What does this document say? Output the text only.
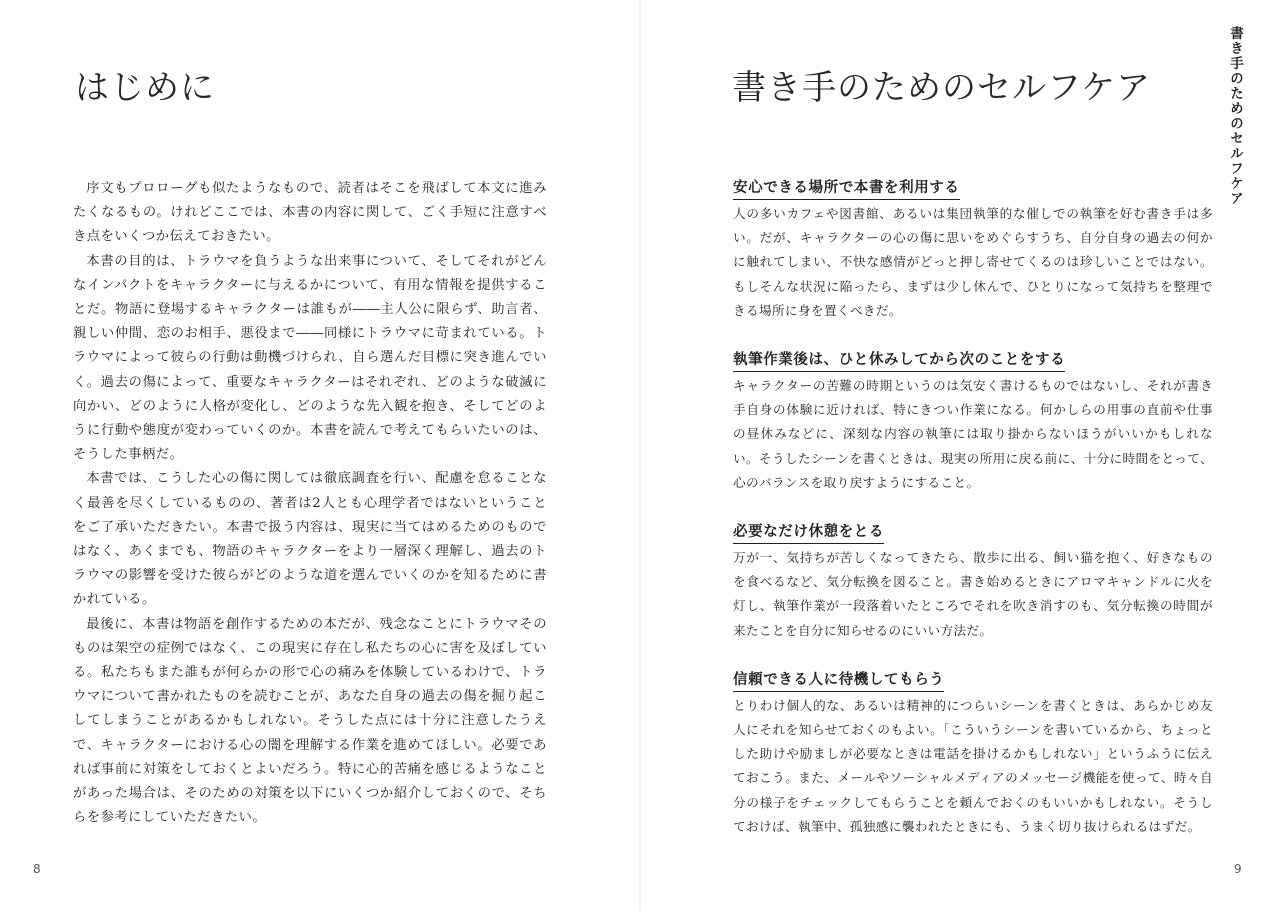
はじめに

序文もプロローグも似たようなもので、読者はそこを飛ばして本文に進みたくなるもの。けれどここでは、本書の内容に関して、ごく手短に注意すべき点をいくつか伝えておきたい。

本書の目的は、トラウマを負うような出来事について、そしてそれがどんなインパクトをキャラクターに与えるかについて、有用な情報を提供することだ。物語に登場するキャラクターは誰もが――主人公に限らず、助言者、親しい仲間、恋のお相手、悪役まで――同様にトラウマに苛まれている。トラウマによって彼らの行動は動機づけられ、自ら選んだ目標に突き進んでいく。過去の傷によって、重要なキャラクターはそれぞれ、どのような破滅に向かい、どのように人格が変化し、どのような先入観を抱き、そしてどのように行動や態度が変わっていくのか。本書を読んで考えてもらいたいのは、そうした事柄だ。

本書では、こうした心の傷に関しては徹底調査を行い、配慮を怠ることなく最善を尽くしているものの、著者は2人とも心理学者ではないということをご了承いただきたい。本書で扱う内容は、現実に当てはめるためのものではなく、あくまでも、物語のキャラクターをより一層深く理解し、過去のトラウマの影響を受けた彼らがどのような道を選んでいくのかを知るために書かれている。

最後に、本書は物語を創作するための本だが、残念なことにトラウマそのものは架空の症例ではなく、この現実に存在し私たちの心に害を及ぼしている。私たちもまた誰もが何らかの形で心の痛みを体験しているわけで、トラウマについて書かれたものを読むことが、あなた自身の過去の傷を掘り起こしてしまうことがあるかもしれない。そうした点には十分に注意したうえで、キャラクターにおける心の闇を理解する作業を進めてほしい。必要であれば事前に対策をしておくとよいだろう。特に心的苦痛を感じるようなことがあった場合は、そのための対策を以下にいくつか紹介しておくので、そちらを参考にしていただきたい。

8
書き手のためのセルフケア
書き手のためのセルフケア
安心できる場所で本書を利用する

人の多いカフェや図書館、あるいは集団執筆的な催しでの執筆を好む書き手は多い。だが、キャラクターの心の傷に思いをめぐらすうち、自分自身の過去の何かに触れてしまい、不快な感情がどっと押し寄せてくるのは珍しいことではない。もしそんな状況に陥ったら、まずは少し休んで、ひとりになって気持ちを整理できる場所に身を置くべきだ。

執筆作業後は、ひと休みしてから次のことをする

キャラクターの苦難の時期というのは気安く書けるものではないし、それが書き手自身の体験に近ければ、特にきつい作業になる。何かしらの用事の直前や仕事の昼休みなどに、深刻な内容の執筆には取り掛からないほうがいいかもしれない。そうしたシーンを書くときは、現実の所用に戻る前に、十分に時間をとって、心のバランスを取り戻すようにすること。

必要なだけ休憩をとる

万が一、気持ちが苦しくなってきたら、散歩に出る、飼い猫を抱く、好きなものを食べるなど、気分転換を図ること。書き始めるときにアロマキャンドルに火を灯し、執筆作業が一段落着いたところでそれを吹き消すのも、気分転換の時間が来たことを自分に知らせるのにいい方法だ。

信頼できる人に待機してもらう

とりわけ個人的な、あるいは精神的につらいシーンを書くときは、あらかじめ友人にそれを知らせておくのもよい。「こういうシーンを書いているから、ちょっとした助けや励ましが必要なときは電話を掛けるかもしれない」というふうに伝えておこう。また、メールやソーシャルメディアのメッセージ機能を使って、時々自分の様子をチェックしてもらうことを頼んでおくのもいいかもしれない。そうしておけば、執筆中、孤独感に襲われたときにも、うまく切り抜けられるはずだ。

9
